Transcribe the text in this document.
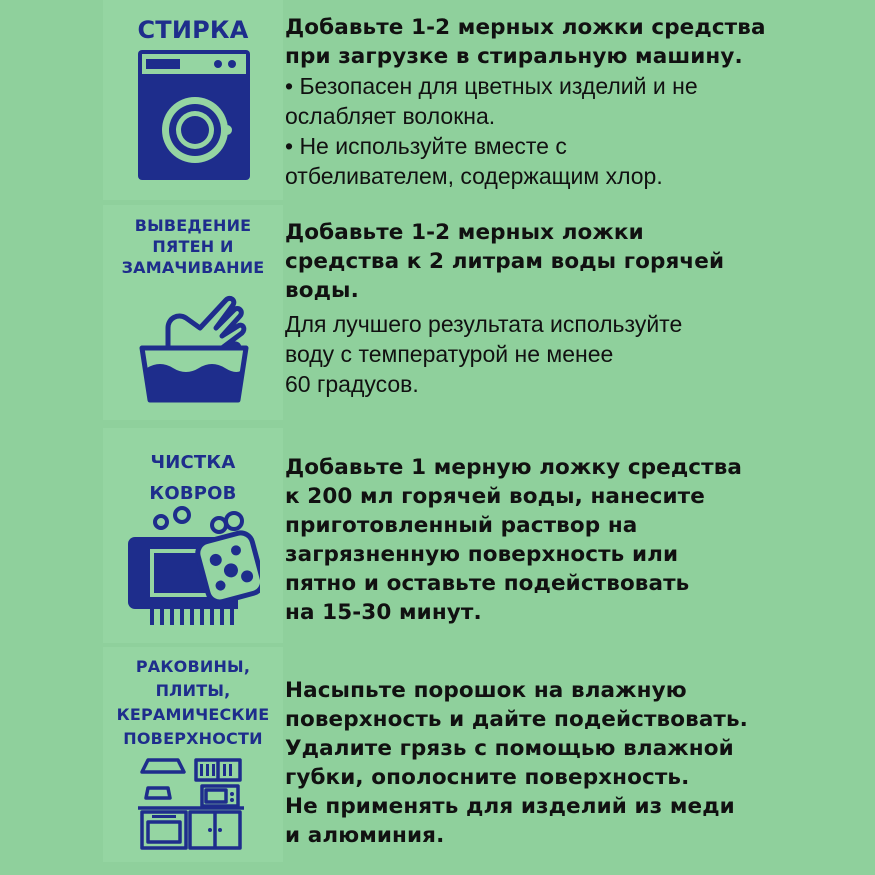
СТИРКА	Добавьте 1-2 мерных ложки средства
при загрузке в стиральную машину.
• Безопасен для цветных изделий и не
ослабляет волокна.
• Не используйте вместе с
отбеливателем, содержащим хлор.
ВЫВЕДЕНИЕ
ПЯТЕН И
ЗАМАЧИВАНИЕ
Добавьте 1-2 мерных ложки
средства к 2 литрам воды горячей
воды.
Для лучшего результата используйте
воду с температурой не менее
60 градусов.
ЧИСТКА
КОВРОВ
Добавьте 1 мерную ложку средства
к 200 мл горячей воды, нанесите
приготовленный раствор на
загрязненную поверхность или
пятно и оставьте подействовать
на 15-30 минут.
РАКОВИНЫ,
ПЛИТЫ,
КЕРАМИЧЕСКИЕ
ПОВЕРХНОСТИ
Насыпьте порошок на влажную
поверхность и дайте подействовать.
Удалите грязь с помощью влажной
губки, ополосните поверхность.
Не применять для изделий из меди
и алюминия.
